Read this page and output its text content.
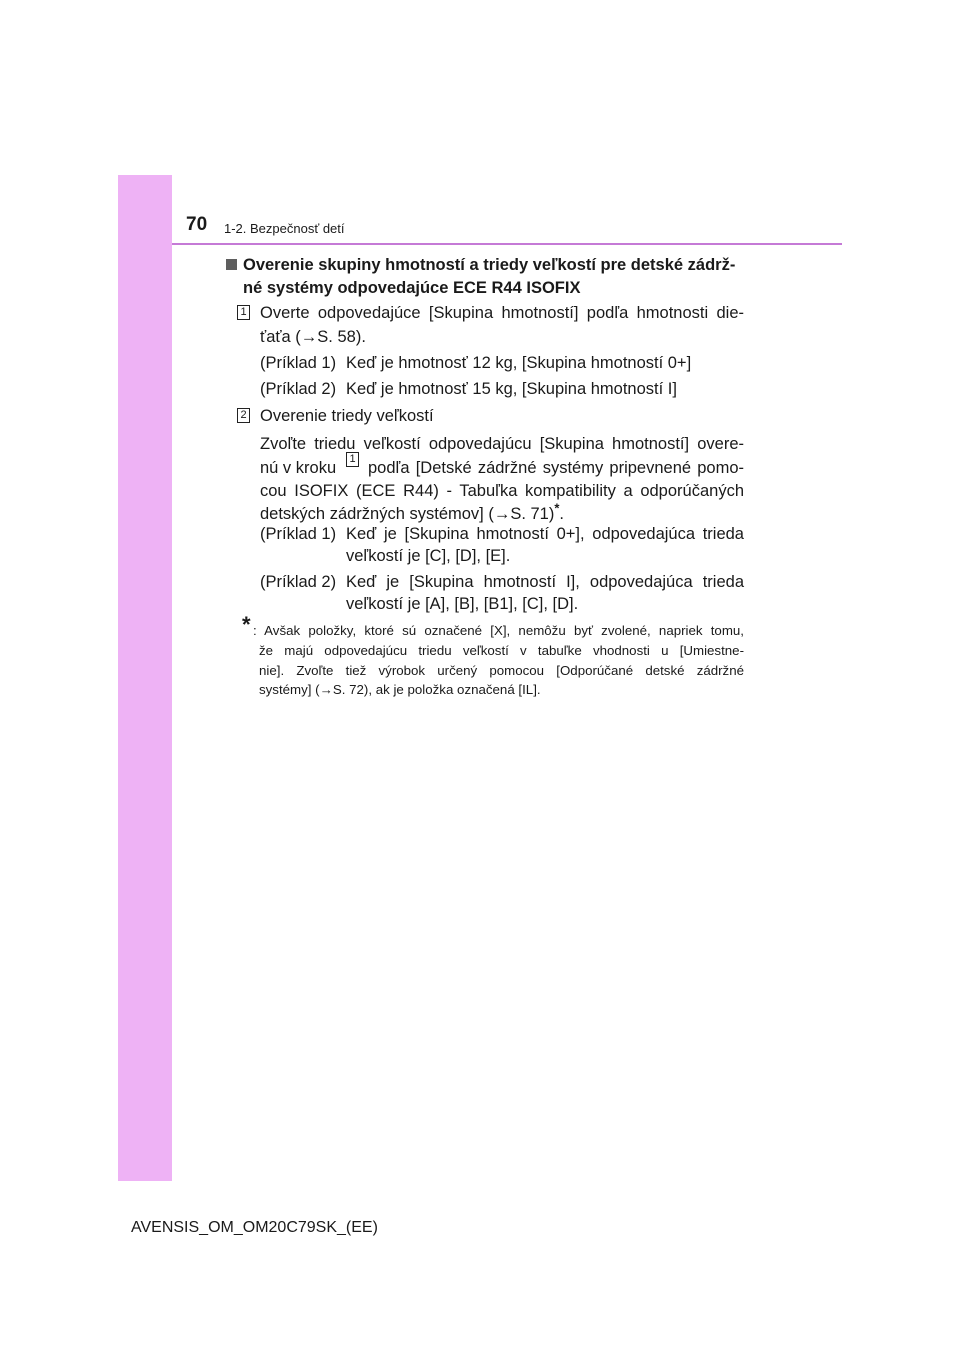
70 1-2. Bezpečnosť detí
Overenie skupiny hmotností a triedy veľkostí pre detské zádrž-
né systémy odpovedajúce ECE R44 ISOFIX
1 Overte odpovedajúce [Skupina hmotností] podľa hmotnosti die-
ťaťa (→S. 58).
(Príklad 1) Keď je hmotnosť 12 kg, [Skupina hmotností 0+]
(Príklad 2) Keď je hmotnosť 15 kg, [Skupina hmotností I]
2 Overenie triedy veľkostí
Zvoľte triedu veľkostí odpovedajúcu [Skupina hmotností] overe-
nú v kroku	1 podľa [Detské zádržné systémy pripevnené pomo-
cou ISOFIX (ECE R44) - Tabuľka kompatibility a odporúčaných
detských zádržných systémov] (→S. 71)*.
(Príklad 1) Keď je [Skupina hmotností 0+], odpovedajúca trieda
veľkostí je [C], [D], [E].
(Príklad 2) Keď je [Skupina hmotností I], odpovedajúca trieda
veľkostí je [A], [B], [B1], [C], [D].
* : Avšak položky, ktoré sú označené [X], nemôžu byť zvolené, napriek tomu,
že majú odpovedajúcu triedu veľkostí v tabuľke vhodnosti u [Umiestne-
nie]. Zvoľte tiež výrobok určený pomocou [Odporúčané detské zádržné
systémy] (→S. 72), ak je položka označená [IL].
AVENSIS_OM_OM20C79SK_(EE)
